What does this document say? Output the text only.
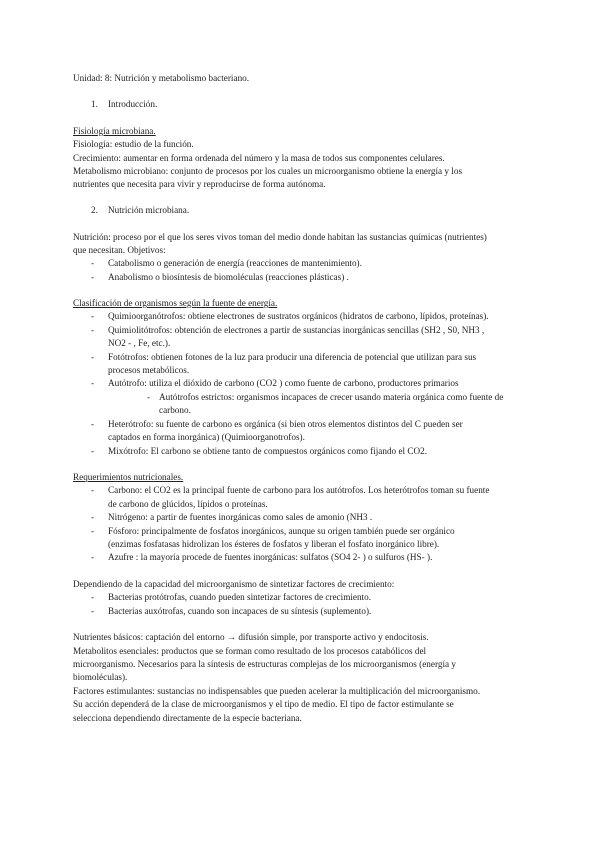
Unidad: 8: Nutrición y metabolismo bacteriano.
1. Introducción.
Fisiología microbiana.
Fisiología: estudio de la función.
Crecimiento: aumentar en forma ordenada del número y la masa de todos sus componentes celulares.
Metabolismo microbiano: conjunto de procesos por los cuales un microorganismo obtiene la energía y los
nutrientes que necesita para vivir y reproducirse de forma autónoma.
2. Nutrición microbiana.
Nutrición: proceso por el que los seres vivos toman del medio donde habitan las sustancias químicas (nutrientes)
que necesitan. Objetivos:
- Catabolismo o generación de energía (reacciones de mantenimiento).
- Anabolismo o biosíntesis de biomoléculas (reacciones plásticas) .
Clasificación de organismos según la fuente de energía.
- Quimioorganótrofos: obtiene electrones de sustratos orgánicos (hidratos de carbono, lípidos, proteínas).
- Quimiolitótrofos: obtención de electrones a partir de sustancias inorgánicas sencillas (SH2 , S0, NH3 ,
NO2 - , Fe, etc.).
- Fotótrofos: obtienen fotones de la luz para producir una diferencia de potencial que utilizan para sus
procesos metabólicos.
- Autótrofo: utiliza el dióxido de carbono (CO2 ) como fuente de carbono, productores primarios
- Autótrofos estrictos: organismos incapaces de crecer usando materia orgánica como fuente de
carbono.
- Heterótrofo: su fuente de carbono es orgánica (si bien otros elementos distintos del C pueden ser
captados en forma inorgánica) (Quimioorganotrofos).
- Mixótrofo: El carbono se obtiene tanto de compuestos orgánicos como fijando el CO2.
Requerimientos nutricionales.
- Carbono: el CO2 es la principal fuente de carbono para los autótrofos. Los heterótrofos toman su fuente
de carbono de glúcidos, lípidos o proteínas.
- Nitrógeno: a partir de fuentes inorgánicas como sales de amonio (NH3 .
- Fósforo: principalmente de fosfatos inorgánicos, aunque su origen también puede ser orgánico
(enzimas fosfatasas hidrolizan los ésteres de fosfatos y liberan el fosfato inorgánico libre).
- Azufre : la mayoría procede de fuentes inorgánicas: sulfatos (SO4 2- ) o sulfuros (HS- ).
Dependiendo de la capacidad del microorganismo de sintetizar factores de crecimiento:
- Bacterias protótrofas, cuando pueden sintetizar factores de crecimiento.
- Bacterias auxótrofas, cuando son incapaces de su síntesis (suplemento).
Nutrientes básicos: captación del entorno → difusión simple, por transporte activo y endocitosis.
Metabolitos esenciales: productos que se forman como resultado de los procesos catabólicos del
microorganismo. Necesarios para la síntesis de estructuras complejas de los microorganismos (energía y
biomoléculas).
Factores estimulantes: sustancias no indispensables que pueden acelerar la multiplicación del microorganismo.
Su acción dependerá de la clase de microorganismos y el tipo de medio. El tipo de factor estimulante se
selecciona dependiendo directamente de la especie bacteriana.
